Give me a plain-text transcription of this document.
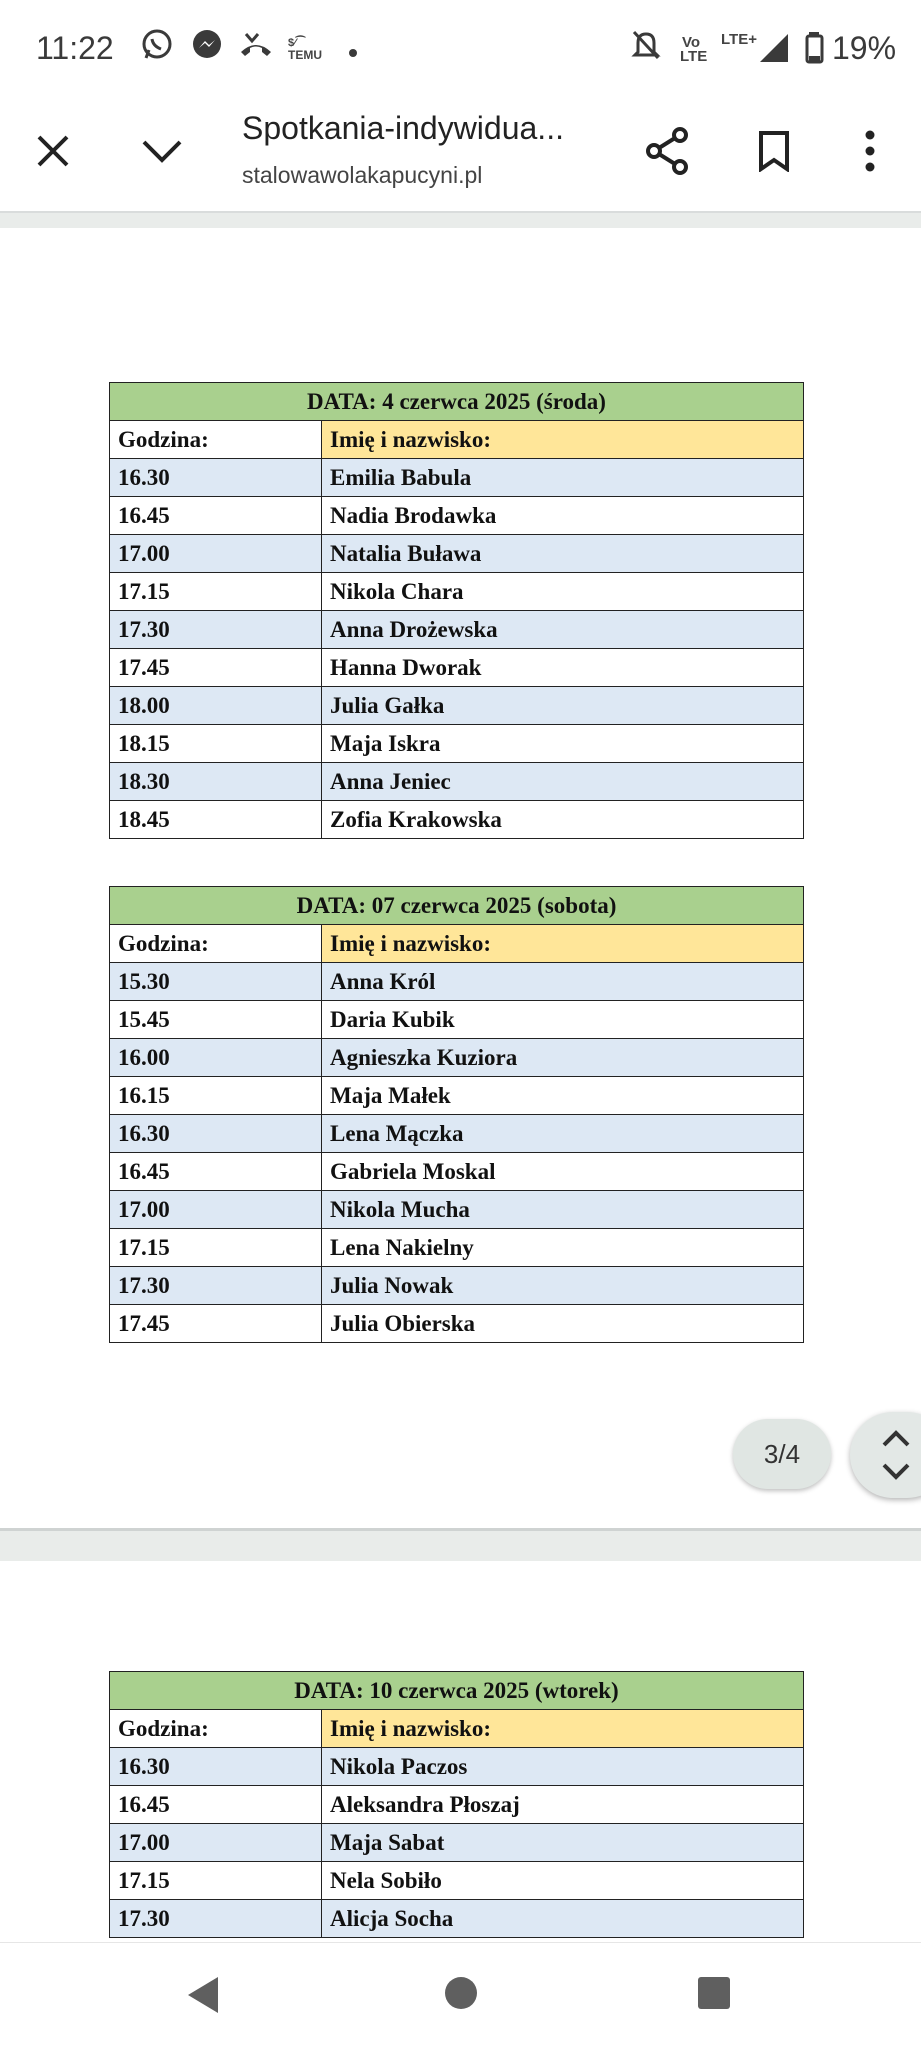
11:22	$⁄⁀
TEMU
Vo
LTE
LTE+ 19%
Spotkania-indywidua...
stalowawolakapucyni.pl
DATA: 4 czerwca 2025 (środa)	
Godzina:	Imię i nazwisko:
16.30	Emilia Babula
16.45	Nadia Brodawka
17.00	Natalia Buława
17.15	Nikola Chara
17.30	Anna Drożewska
17.45	Hanna Dworak
18.00	Julia Gałka
18.15	Maja Iskra
18.30	Anna Jeniec
18.45	Zofia Krakowska
DATA: 07 czerwca 2025 (sobota)	
Godzina:	Imię i nazwisko:
15.30	Anna Król
15.45	Daria Kubik
16.00	Agnieszka Kuziora
16.15	Maja Małek
16.30	Lena Mączka
16.45	Gabriela Moskal
17.00	Nikola Mucha
17.15	Lena Nakielny
17.30	Julia Nowak
17.45	Julia Obierska
3/4
DATA: 10 czerwca 2025 (wtorek)	
Godzina:	Imię i nazwisko:
16.30	Nikola Paczos
16.45	Aleksandra Płoszaj
17.00	Maja Sabat
17.15	Nela Sobiło
17.30	Alicja Socha
